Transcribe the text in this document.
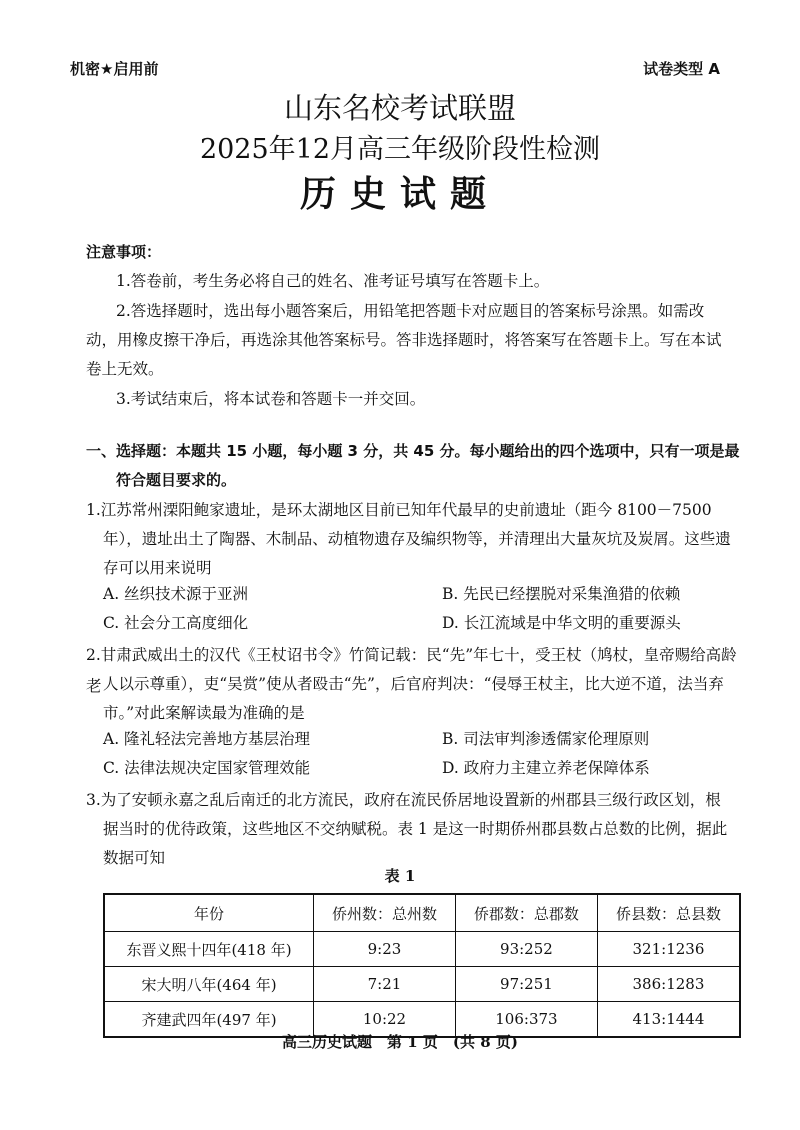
机密★启用前	试卷类型 A
山东名校考试联盟
2025年12月高三年级阶段性检测
历史试题
注意事项：
1.答卷前，考生务必将自己的姓名、准考证号填写在答题卡上。
2.答选择题时，选出每小题答案后，用铅笔把答题卡对应题目的答案标号涂黑。如需改
动，用橡皮擦干净后，再选涂其他答案标号。答非选择题时，将答案写在答题卡上。写在本试
卷上无效。
3.考试结束后，将本试卷和答题卡一并交回。
一、选择题：本题共 15 小题，每小题 3 分，共 45 分。每小题给出的四个选项中，只有一项是最
符合题目要求的。
1.江苏常州溧阳鲍家遗址，是环太湖地区目前已知年代最早的史前遗址（距今 8100－7500
年），遗址出土了陶器、木制品、动植物遗存及编织物等，并清理出大量灰坑及炭屑。这些遗
存可以用来说明
A. 丝织技术源于亚洲	B. 先民已经摆脱对采集渔猎的依赖
C. 社会分工高度细化	D. 长江流域是中华文明的重要源头
2.甘肃武威出土的汉代《王杖诏书令》竹简记载：民“先”年七十，受王杖（鸠杖，皇帝赐给高龄老 人以示尊重），吏“吴赏”使从者殴击“先”，后官府判决：“侵辱王杖主，比大逆不道，法当弃
市。”对此案解读最为准确的是
A. 隆礼轻法完善地方基层治理	B. 司法审判渗透儒家伦理原则
C. 法律法规决定国家管理效能	D. 政府力主建立养老保障体系
3.为了安顿永嘉之乱后南迁的北方流民，政府在流民侨居地设置新的州郡县三级行政区划，根
据当时的优待政策，这些地区不交纳赋税。表 1 是这一时期侨州郡县数占总数的比例，据此
数据可知
表 1
年份	侨州数：总州数	侨郡数：总郡数	侨县数：总县数
东晋义熙十四年(418 年)	9:23	93:252	321:1236
宋大明八年(464 年)	7:21	97:251	386:1283
齐建武四年(497 年)	10:22	106:373	413:1444
高三历史试题　第 1 页　(共 8 页)
